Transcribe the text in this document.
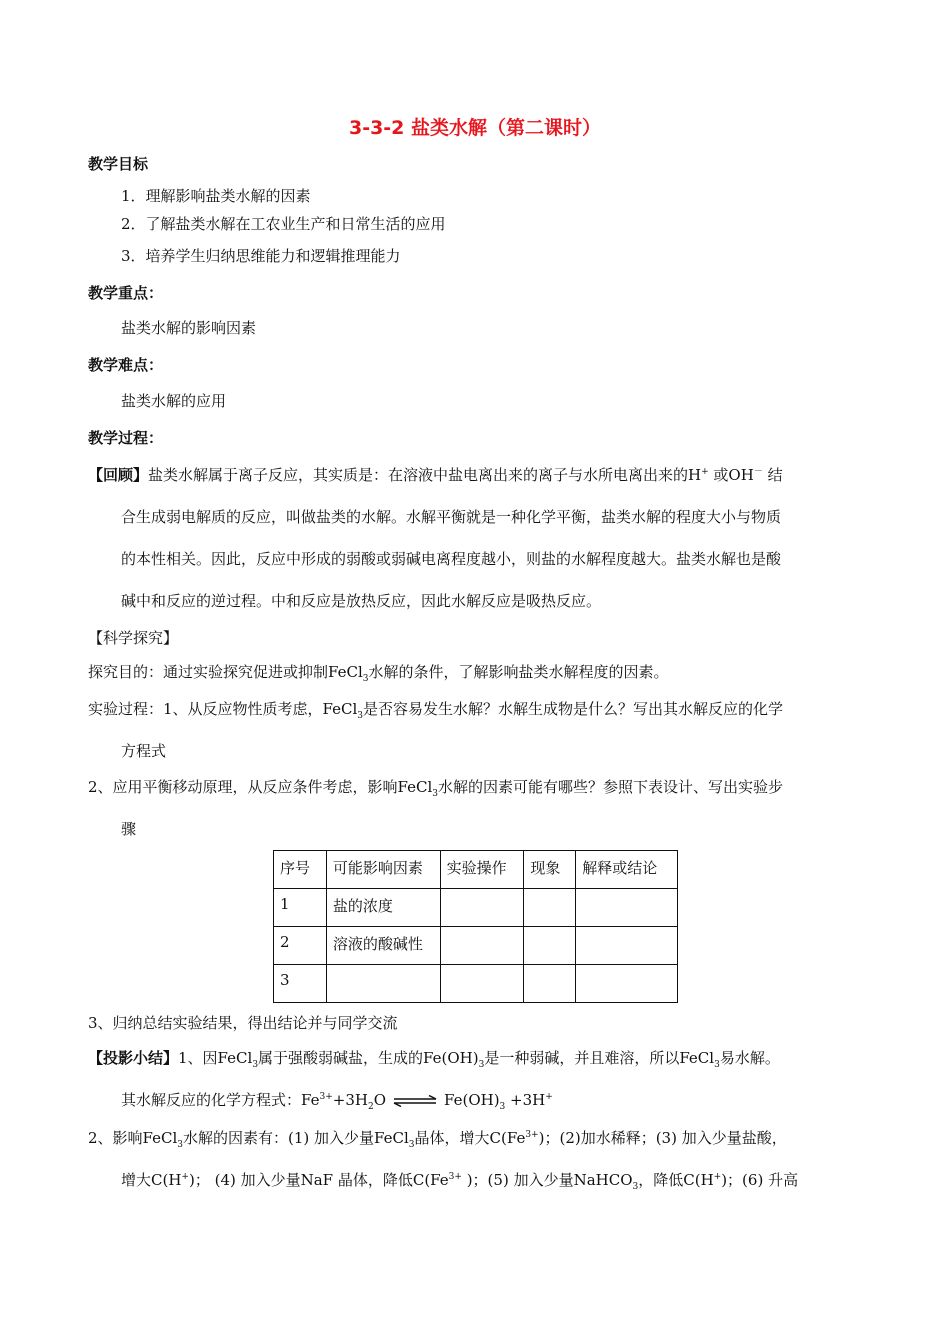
3-3-2 盐类水解（第二课时）
教学目标
1．理解影响盐类水解的因素
2．了解盐类水解在工农业生产和日常生活的应用
3．培养学生归纳思维能力和逻辑推理能力
教学重点：
盐类水解的影响因素
教学难点：
盐类水解的应用
教学过程：
【回顾】盐类水解属于离子反应，其实质是：在溶液中盐电离出来的离子与水所电离出来的H+ 或OH－ 结
合生成弱电解质的反应，叫做盐类的水解。水解平衡就是一种化学平衡，盐类水解的程度大小与物质
的本性相关。因此，反应中形成的弱酸或弱碱电离程度越小，则盐的水解程度越大。盐类水解也是酸
碱中和反应的逆过程。中和反应是放热反应，因此水解反应是吸热反应。
【科学探究】
探究目的：通过实验探究促进或抑制FeCl$_3$水解的条件，了解影响盐类水解程度的因素。
实验过程：1、从反应物性质考虑，FeCl$_3$是否容易发生水解？水解生成物是什么？写出其水解反应的化学
方程式
2、应用平衡移动原理，从反应条件考虑，影响FeCl$_3$水解的因素可能有哪些？参照下表设计、写出实验步
骤
序号	可能影响因素	实验操作	现象	解释或结论
1	盐的浓度			
2	溶液的酸碱性			
3				
3、归纳总结实验结果，得出结论并与同学交流
【投影小结】1、因FeCl$_3$属于强酸弱碱盐，生成的$Fe(OH)_3$是一种弱碱，并且难溶，所以FeCl$_3$易水解。
其水解反应的化学方程式：$Fe^{3+}+3H_2O$ ⇌ $Fe(OH)_3 +3H^+$
2、影响FeCl$_3$水解的因素有：(1) 加入少量FeCl$_3$晶体，增大$C(Fe^{3+})$；(2)加水稀释；(3) 加入少量盐酸，
增大C(H+)； (4) 加入少量NaF 晶体，降低$C(Fe^{3+}$ )；(5) 加入少量NaHCO$_3$，降低C(H+)；(6) 升高
